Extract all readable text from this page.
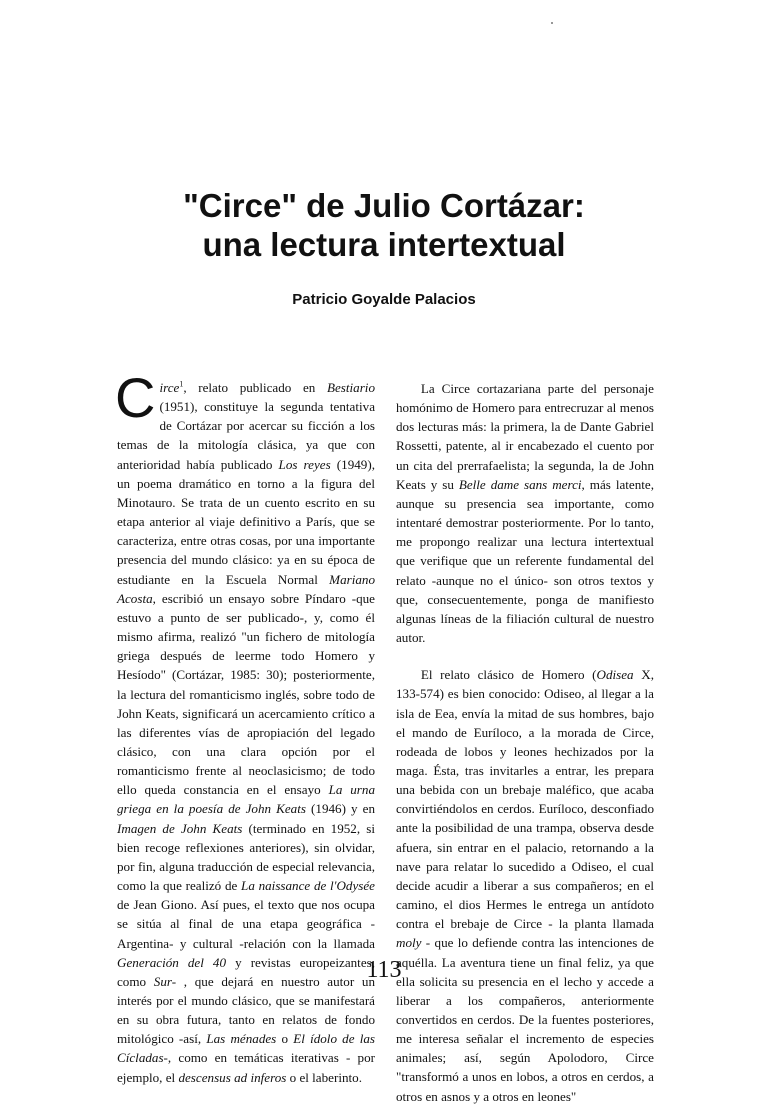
"Circe" de Julio Cortázar:
una lectura intertextual
Patricio Goyalde Palacios

Circe$^1$, relato publicado en Bestiario (1951), constituye la segunda tentativa de Cortázar por acercar su ficción a los temas de la mitología clásica, ya que con anterioridad había publicado Los reyes (1949), un poema dramático en torno a la figura del Minotauro. Se trata de un cuento escrito en su etapa anterior al viaje definitivo a París, que se caracteriza, entre otras cosas, por una importante presencia del mundo clásico: ya en su época de estudiante en la Escuela Normal Mariano Acosta, escribió un ensayo sobre Píndaro -que estuvo a punto de ser publicado-, y, como él mismo afirma, realizó "un fichero de mitología griega después de leerme todo Homero y Hesíodo" (Cortázar, 1985: 30); posteriormente, la lectura del romanticismo inglés, sobre todo de John Keats, significará un acercamiento crítico a las diferentes vías de apropiación del legado clásico, con una clara opción por el romanticismo frente al neoclasicismo; de todo ello queda constancia en el ensayo La urna griega en la poesía de John Keats (1946) y en Imagen de John Keats (terminado en 1952, si bien recoge reflexiones anteriores), sin olvidar, por fin, alguna traducción de especial relevancia, como la que realizó de La naissance de l'Odysée de Jean Giono. Así pues, el texto que nos ocupa se sitúa al final de una etapa geográfica - Argentina- y cultural -relación con la llamada Generación del 40 y revistas europeizantes, como Sur- , que dejará en nuestro autor un interés por el mundo clásico, que se manifestará en su obra futura, tanto en relatos de fondo mitológico -así, Las ménades o El ídolo de las Cícladas-, como en temáticas iterativas - por ejemplo, el descensus ad inferos o el laberinto.

La Circe cortazariana parte del personaje homónimo de Homero para entrecruzar al menos dos lecturas más: la primera, la de Dante Gabriel Rossetti, patente, al ir encabezado el cuento por un cita del prerrafaelista; la segunda, la de John Keats y su Belle dame sans merci, más latente, aunque su presencia sea importante, como intentaré demostrar posteriormente. Por lo tanto, me propongo realizar una lectura intertextual que verifique que un referente fundamental del relato -aunque no el único- son otros textos y que, consecuentemente, ponga de manifiesto algunas líneas de la filiación cultural de nuestro autor.

El relato clásico de Homero (Odisea X, 133-574) es bien conocido: Odiseo, al llegar a la isla de Eea, envía la mitad de sus hombres, bajo el mando de Euríloco, a la morada de Circe, rodeada de lobos y leones hechizados por la maga. Ésta, tras invitarles a entrar, les prepara una bebida con un brebaje maléfico, que acaba convirtiéndolos en cerdos. Euríloco, desconfiado ante la posibilidad de una trampa, observa desde afuera, sin entrar en el palacio, retornando a la nave para relatar lo sucedido a Odiseo, el cual decide acudir a liberar a sus compañeros; en el camino, el dios Hermes le entrega un antídoto contra el brebaje de Circe - la planta llamada moly - que lo defiende contra las intenciones de aquélla. La aventura tiene un final feliz, ya que ella solicita su presencia en el lecho y accede a liberar a los compañeros, anteriormente convertidos en cerdos. De la fuentes posteriores, me interesa señalar el incremento de especies animales; así, según Apolodoro, Circe "transformó a unos en lobos, a otros en cerdos, a otros en asnos y a otros en leones"

113
